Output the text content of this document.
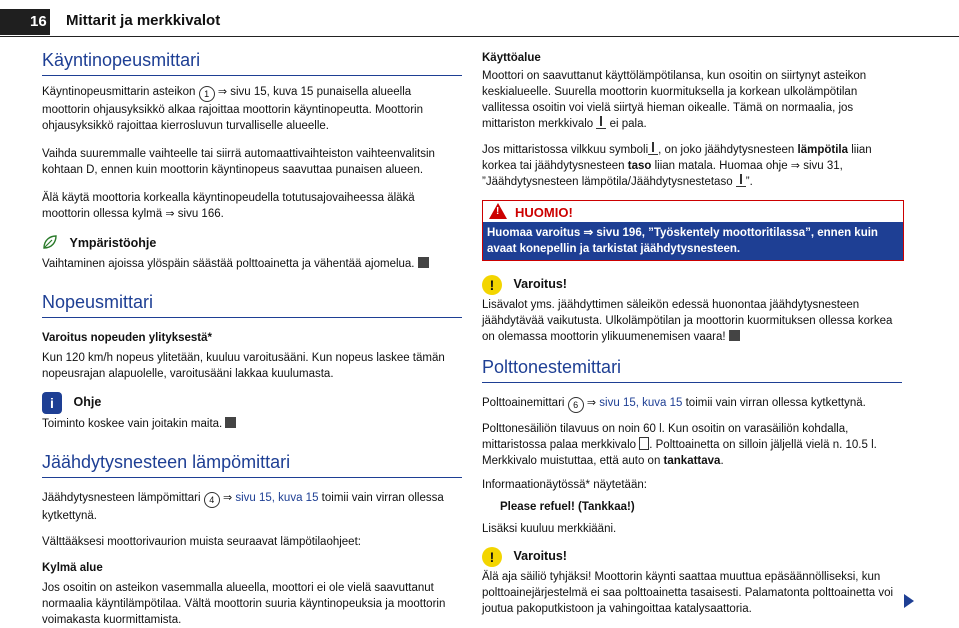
16 Mittarit ja merkkivalot
Käyntinopeusmittari

Käyntinopeusmittarin asteikon 1 ⇒ sivu 15, kuva 15 punaisella alueella moottorin ohjausyksikkö alkaa rajoittaa moottorin käyntinopeutta. Moottorin ohjausyksikkö rajoittaa kierrosluvun turvalliselle alueelle.

Vaihda suuremmalle vaihteelle tai siirrä automaattivaihteiston vaihteenvalitsin kohtaan D, ennen kuin moottorin käyntinopeus saavuttaa punaisen alueen.

Älä käytä moottoria korkealla käyntinopeudella totutusajovaiheessa äläkä moottorin ollessa kylmä ⇒ sivu 166.

Ympäristöohje

Vaihtaminen ajoissa ylöspäin säästää polttoainetta ja vähentää ajomelua.

Nopeusmittari

Varoitus nopeuden ylityksestä*

Kun 120 km/h nopeus ylitetään, kuuluu varoitusääni. Kun nopeus laskee tämän nopeusrajan alapuolelle, varoitusääni lakkaa kuulumasta.

i Ohje

Toiminto koskee vain joitakin maita.

Jäähdytysnesteen lämpömittari

Jäähdytysnesteen lämpömittari 4 ⇒ sivu 15, kuva 15 toimii vain virran ollessa kytkettynä.

Välttääksesi moottorivaurion muista seuraavat lämpötilaohjeet:

Kylmä alue

Jos osoitin on asteikon vasemmalla alueella, moottori ei ole vielä saavuttanut normaalia käyntilämpötilaa. Vältä moottorin suuria käyntinopeuksia ja moottorin voimakasta kuormittamista.

Käyttöalue

Moottori on saavuttanut käyttölämpötilansa, kun osoitin on siirtynyt asteikon keskialueelle. Suurella moottorin kuormituksella ja korkean ulkolämpötilan vallitessa osoitin voi vielä siirtyä hieman oikealle. Tämä on normaalia, jos mittariston merkkivalo ei pala.

Jos mittaristossa vilkkuu symboli , on joko jäähdytysnesteen lämpötila liian korkea tai jäähdytysnesteen taso liian matala. Huomaa ohje ⇒ sivu 31, ”Jäähdytysnesteen lämpötila/Jäähdytysnestetaso ”.

! HUOMIO!
Huomaa varoitus ⇒ sivu 196, ”Työskentely moottoritilassa”, ennen kuin avaat konepellin ja tarkistat jäähdytysnesteen.
! Varoitus!

Lisävalot yms. jäähdyttimen säleikön edessä huonontaa jäähdytysnesteen jäähdytävää vaikutusta. Ulkolämpötilan ja moottorin kuormituksen ollessa korkea on olemassa moottorin ylikuumenemisen vaara!

Polttonestemittari

Polttoainemittari 6 ⇒ sivu 15, kuva 15 toimii vain virran ollessa kytkettynä.

Polttonesäiliön tilavuus on noin 60 l. Kun osoitin on varasäiliön kohdalla, mittaristossa palaa merkkivalo . Polttoainetta on silloin jäljellä vielä n. 10.5 l. Merkkivalo muistuttaa, että auto on tankattava.

Informaationäytössä* näytetään:

Please refuel! (Tankkaa!)

Lisäksi kuuluu merkkiääni.

! Varoitus!

Älä aja säiliö tyhjäksi! Moottorin käynti saattaa muuttua epäsäännölliseksi, kun polttoainejärjestelmä ei saa polttoainetta tasaisesti. Palamatonta polttoainetta voi joutua pakoputkistoon ja vahingoittaa katalysaattoria.
